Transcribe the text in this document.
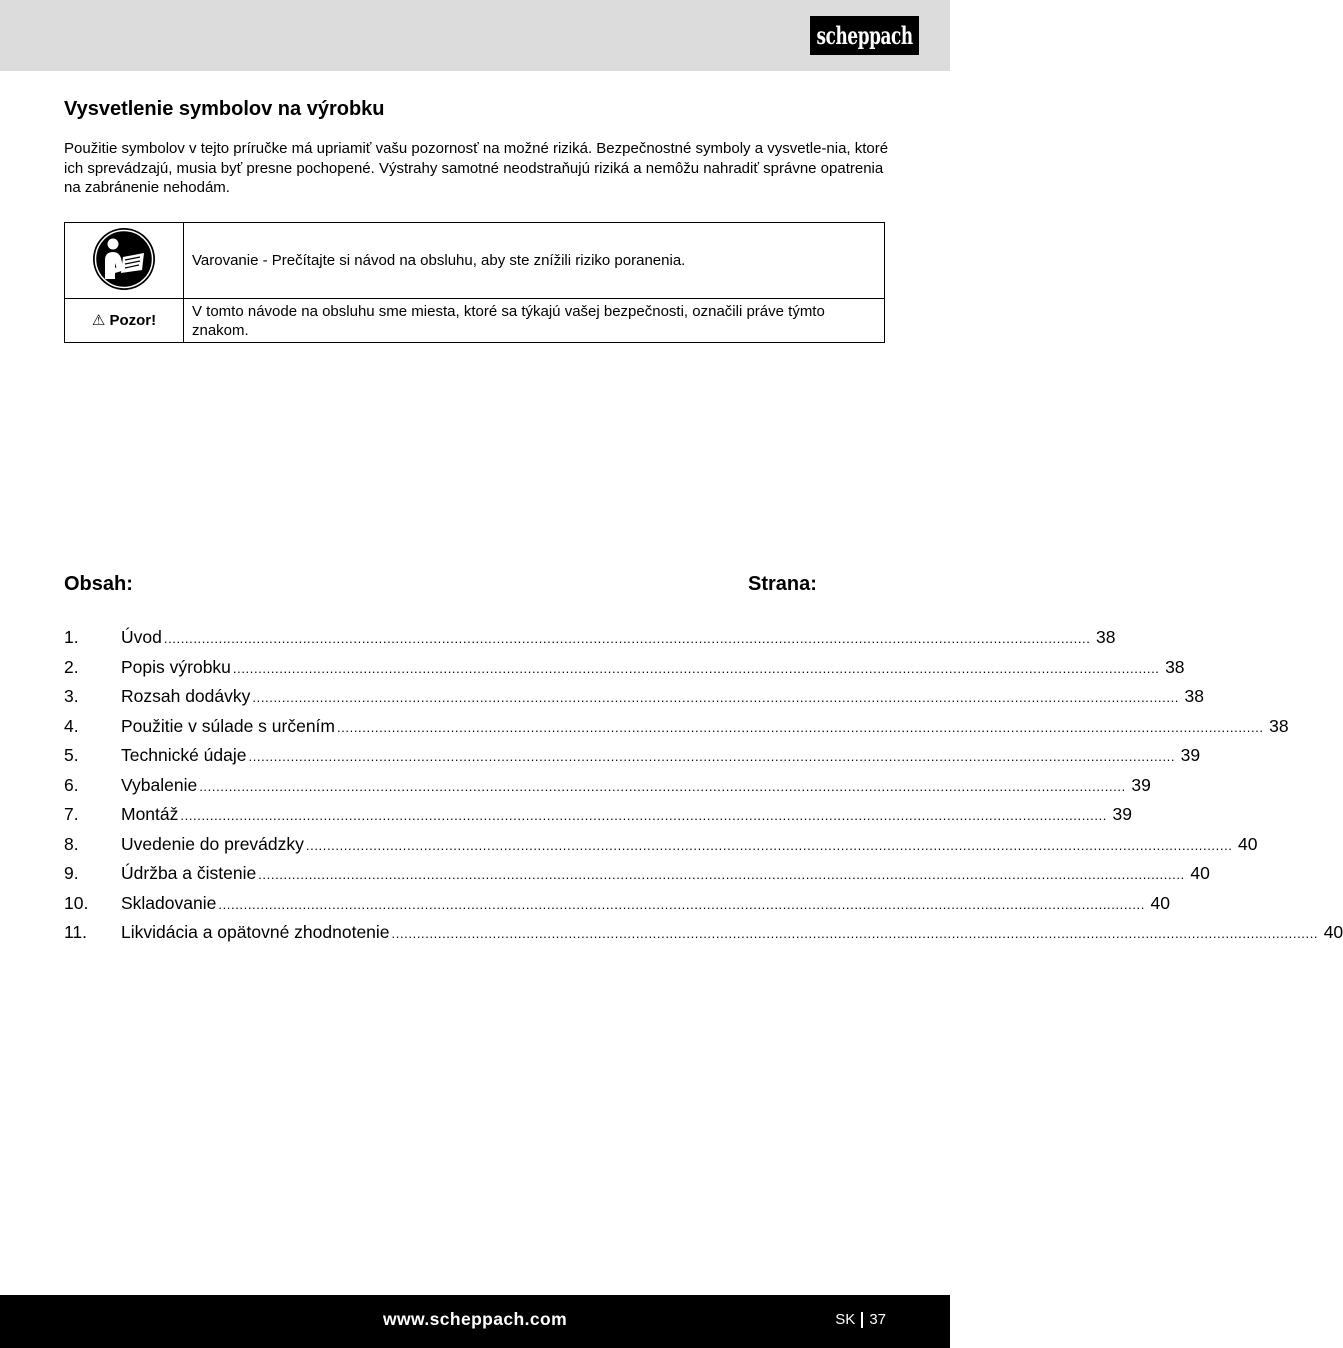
scheppach
Vysvetlenie symbolov na výrobku
Použitie symbolov v tejto príručke má upriamiť vašu pozornosť na možné riziká. Bezpečnostné symboly a vysvetle-nia, ktoré ich sprevádzajú, musia byť presne pochopené. Výstrahy samotné neodstraňujú riziká a nemôžu nahradiť správne opatrenia na zabránenie nehodám.
	Varovanie - Prečítajte si návod na obsluhu, aby ste znížili riziko poranenia.
⚠ Pozor!	V tomto návode na obsluhu sme miesta, ktoré sa týkajú vašej bezpečnosti, označili práve týmto znakom.
Obsah:	Strana:
1.	Úvod ............................................................................................................................................................................................................................ 38
2.	Popis výrobku ............................................................................................................................................................................................................................ 38
3.	Rozsah dodávky ............................................................................................................................................................................................................................ 38
4.	Použitie v súlade s určením ............................................................................................................................................................................................................................ 38
5.	Technické údaje ............................................................................................................................................................................................................................ 39
6.	Vybalenie ............................................................................................................................................................................................................................ 39
7.	Montáž ............................................................................................................................................................................................................................ 39
8.	Uvedenie do prevádzky ............................................................................................................................................................................................................................ 40
9.	Údržba a čistenie ............................................................................................................................................................................................................................ 40
10.	Skladovanie ............................................................................................................................................................................................................................ 40
11.	Likvidácia a opätovné zhodnotenie ............................................................................................................................................................................................................................ 40
www.scheppach.com	SK 37
